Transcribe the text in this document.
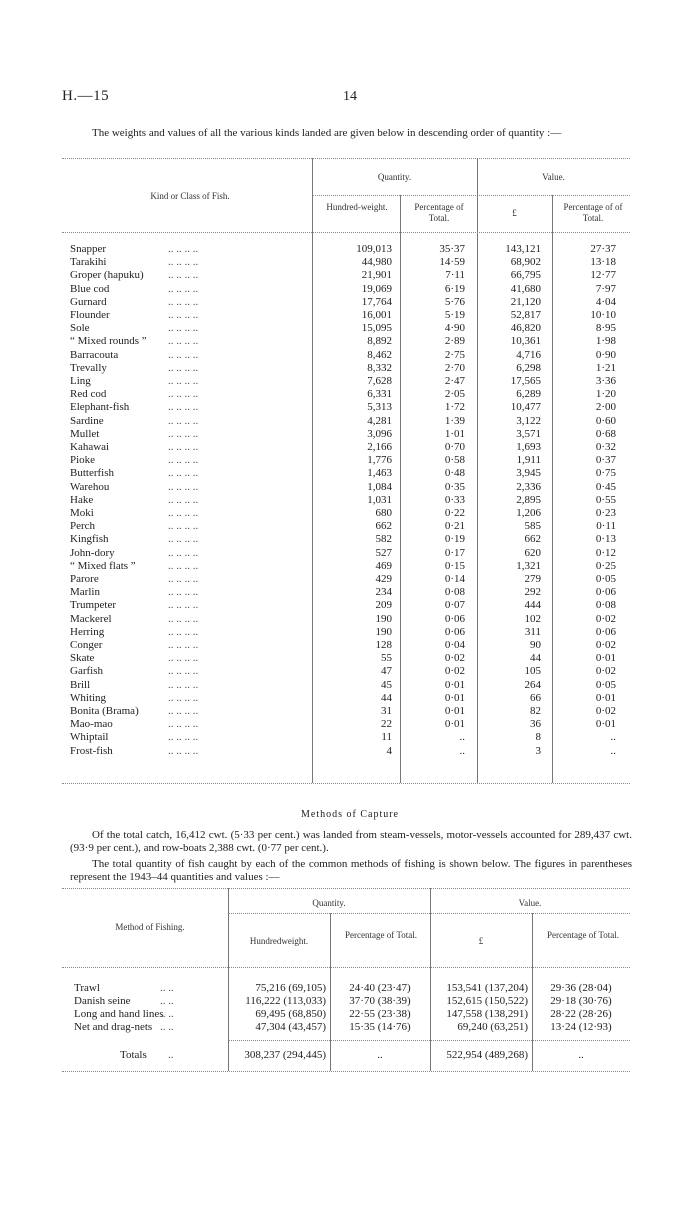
H.—15	14
The weights and values of all the various kinds landed are given below in descending order of quantity :—
Kind or Class of Fish.
Quantity.	Value.
Hundred-weight.	Percentage of Total.	£
Percentage of of Total.
Snapper	109,013	35·37	143,121	27·37
.. .. .. ..
Tarakihi	44,980	14·59	68,902	13·18
.. .. .. ..
Groper (hapuku)	21,901	7·11	66,795	12·77
.. .. .. ..
Blue cod	19,069	6·19	41,680	7·97
.. .. .. ..
Gurnard	17,764	5·76	21,120	4·04
.. .. .. ..
Flounder	16,001	5·19	52,817	10·10
.. .. .. ..
Sole	15,095	4·90	46,820	8·95
.. .. .. ..
“ Mixed rounds ”	8,892	2·89	10,361	1·98
.. .. .. ..
Barracouta	8,462	2·75	4,716	0·90
.. .. .. ..
Trevally	8,332	2·70	6,298	1·21
.. .. .. ..
Ling	7,628	2·47	17,565	3·36
.. .. .. ..
Red cod	6,331	2·05	6,289	1·20
.. .. .. ..
Elephant-fish	5,313	1·72	10,477	2·00
.. .. .. ..
Sardine	4,281	1·39	3,122	0·60
.. .. .. ..
Mullet	3,096	1·01	3,571	0·68
.. .. .. ..
Kahawai	2,166	0·70	1,693	0·32
.. .. .. ..
Pioke	1,776	0·58	1,911	0·37
.. .. .. ..
Butterfish	1,463	0·48	3,945	0·75
.. .. .. ..
Warehou	1,084	0·35	2,336	0·45
.. .. .. ..
Hake	1,031	0·33	2,895	0·55
.. .. .. ..
Moki	680	0·22	1,206	0·23
.. .. .. ..
Perch	662	0·21	585	0·11
.. .. .. ..
Kingfish	582	0·19	662	0·13
.. .. .. ..
John-dory	527	0·17	620	0·12
.. .. .. ..
“ Mixed flats ”	469	0·15	1,321	0·25
.. .. .. ..
Parore	429	0·14	279	0·05
.. .. .. ..
Marlin	234	0·08	292	0·06
.. .. .. ..
Trumpeter	209	0·07	444	0·08
.. .. .. ..
Mackerel	190	0·06	102	0·02
.. .. .. ..
Herring	190	0·06	311	0·06
.. .. .. ..
Conger	128	0·04	90	0·02
.. .. .. ..
Skate	55	0·02	44	0·01
.. .. .. ..
Garfish	47	0·02	105	0·02
.. .. .. ..
Brill	45	0·01	264	0·05
.. .. .. ..
Whiting	44	0·01	66	0·01
.. .. .. ..
Bonita (Brama)	31	0·01	82	0·02
.. .. .. ..
Mao-mao	22	0·01	36	0·01
.. .. .. ..
Whiptail	11	..	8	..
.. .. .. ..
Frost-fish	4	..	3	..
.. .. .. ..
Methods of Capture
Of the total catch, 16,412 cwt. (5·33 per cent.) was landed from steam-vessels, motor-vessels accounted for 289,437 cwt. (93·9 per cent.), and row-boats 2,388 cwt. (0·77 per cent.).
The total quantity of fish caught by each of the common methods of fishing is shown below. The figures in parentheses represent the 1943–44 quantities and values :—
Method of Fishing.
Quantity.	Value.
Hundredweight.
Percentage of Total.
£
Percentage of Total.
Trawl	75,216 (69,105)	24·40 (23·47)	153,541 (137,204)	29·36 (28·04)
.. ..
Danish seine	116,222 (113,033)	37·70 (38·39)	152,615 (150,522)	29·18 (30·76)
.. ..
Long and hand lines	69,495 (68,850)	22·55 (23·38)	147,558 (138,291)	28·22 (28·26)
.. ..
Net and drag-nets	47,304 (43,457)	15·35 (14·76)	69,240 (63,251)	13·24 (12·93)
.. ..
Totals	308,237 (294,445)	..	522,954 (489,268)	..
..
